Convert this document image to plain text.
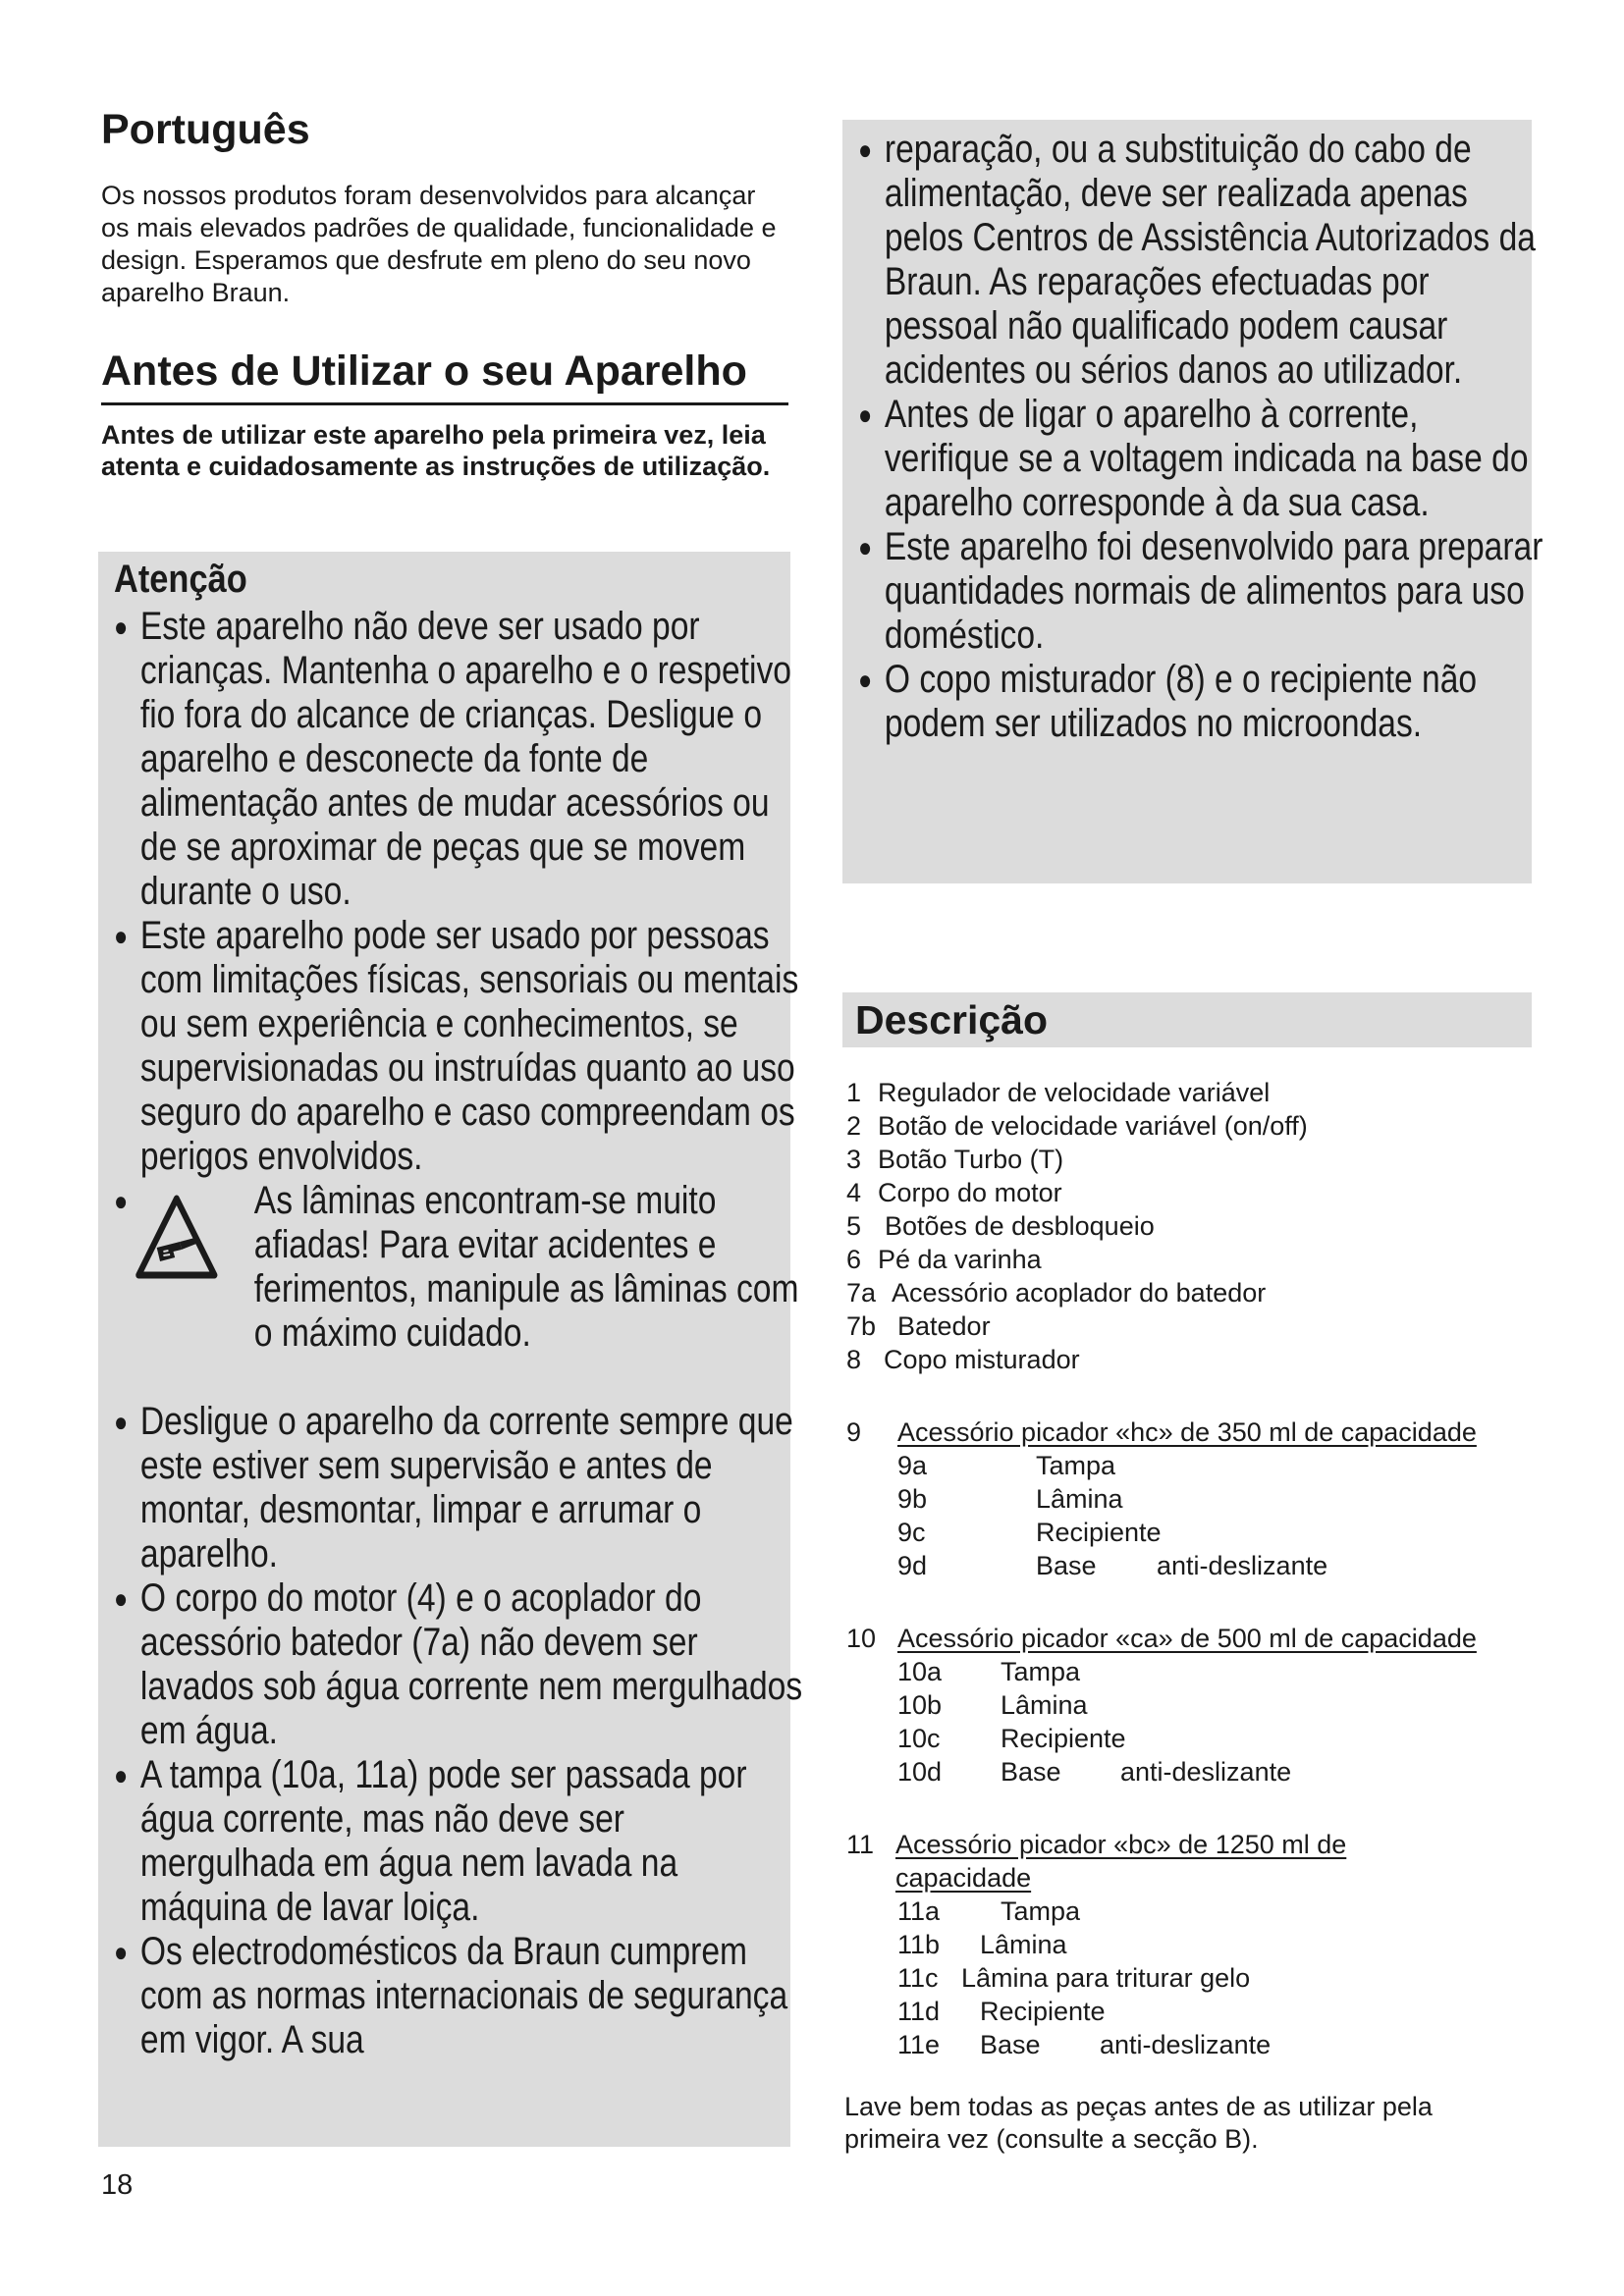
Português

Os nossos produtos foram desenvolvidos para alcançar os mais elevados padrões de qualidade, funcionalidade e design. Esperamos que desfrute em pleno do seu novo aparelho Braun.

Antes de Utilizar o seu Aparelho

Antes de utilizar este aparelho pela primeira vez, leia atenta e cuidadosamente as instruções de utilização.

Atenção
● Este aparelho não deve ser usado por crianças. Mantenha o aparelho e o respetivo fio fora do alcance de crianças. Desligue o aparelho e desconecte da fonte de alimentação antes de mudar acessórios ou de se aproximar de peças que se movem durante o uso.
● Este aparelho pode ser usado por pessoas com limitações físicas, sensoriais ou mentais ou sem experiência e conhecimentos, se supervisionadas ou instruídas quanto ao uso seguro do aparelho e caso compreendam os perigos envolvidos.
● As lâminas encontram-se muito afiadas! Para evitar acidentes e ferimentos, manipule as lâminas com o máximo cuidado.
● Desligue o aparelho da corrente sempre que este estiver sem supervisão e antes de montar, desmontar, limpar e arrumar o aparelho.
● O corpo do motor (4) e o acoplador do acessório batedor (7a) não devem ser lavados sob água corrente nem mergulhados em água.
● A tampa (10a, 11a) pode ser passada por água corrente, mas não deve ser mergulhada em água nem lavada na máquina de lavar loiça.
● Os electrodomésticos da Braun cumprem com as normas internacionais de segurança em vigor. A sua
● reparação, ou a substituição do cabo de alimentação, deve ser realizada apenas pelos Centros de Assistência Autorizados da Braun. As reparações efectuadas por pessoal não qualificado podem causar acidentes ou sérios danos ao utilizador.
● Antes de ligar o aparelho à corrente, verifique se a voltagem indicada na base do aparelho corresponde à da sua casa.
● Este aparelho foi desenvolvido para preparar quantidades normais de alimentos para uso doméstico.
● O copo misturador (8) e o recipiente não podem ser utilizados no microondas.
Descrição
1 Regulador de velocidade variável
2 Botão de velocidade variável (on/off)
3 Botão Turbo (T)
4 Corpo do motor
5 Botões de desbloqueio
6 Pé da varinha
7a Acessório acoplador do batedor
7b Batedor
8 Copo misturador
9 Acessório picador «hc» de 350 ml de capacidade
9a	Tampa
9b	Lâmina
9c	Recipiente
9d	Base anti-deslizante
10 Acessório picador «ca» de 500 ml de capacidade
10a Tampa
10b Lâmina
10c Recipiente
10d Base anti-deslizante
11 Acessório picador «bc» de 1250 ml de
capacidade
11a Tampa
11b Lâmina
11c Lâmina para triturar gelo
11d Recipiente
11e Base anti-deslizante

Lave bem todas as peças antes de as utilizar pela primeira vez (consulte a secção B).

18
